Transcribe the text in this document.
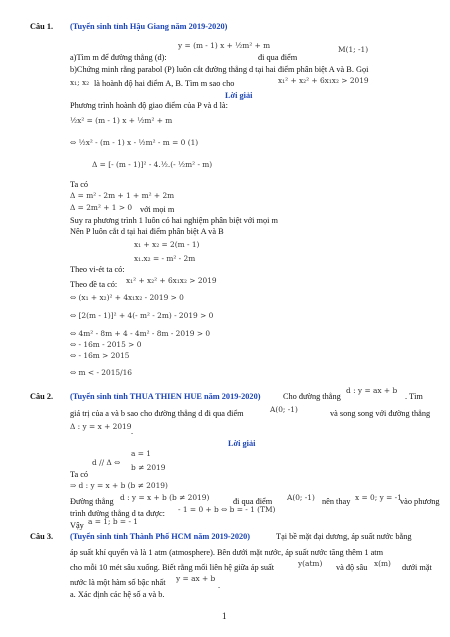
Câu 1. (Tuyển sinh tỉnh Hậu Giang năm 2019-2020)
y = (m - 1) x + ½m² + m
a)Tìm m để đường thẳng (d):	đi qua điểm
M(1; -1)
b)Chứng minh rằng parabol (P) luôn cắt đường thẳng d tại hai điểm phân biệt A và B. Gọi
x₁; x₂ là hoành độ hai điểm A, B. Tìm m sao cho	x₁² + x₂² + 6x₁x₂ > 2019
Lời giải
Phương trình hoành độ giao điểm của P và d là:
½x² = (m - 1) x + ½m² + m
⇔ ½x² - (m - 1) x - ½m² - m = 0 (1)
Δ = [- (m - 1)]² - 4.½.(- ½m² - m)
Ta có
Δ = m² - 2m + 1 + m² + 2m
Δ = 2m² + 1 > 0 với mọi m
Suy ra phương trình 1 luôn có hai nghiệm phân biệt với mọi m
Nên P luôn cắt d tại hai điểm phân biệt A và B
x₁ + x₂ = 2(m - 1)
x₁.x₂ = - m² - 2m
Theo vi-ét ta có:
Theo đề ta có: x₁² + x₂² + 6x₁x₂ > 2019
⇔ (x₁ + x₂)² + 4x₁x₂ - 2019 > 0
⇔ [2(m - 1)]² + 4(- m² - 2m) - 2019 > 0
⇔ 4m² - 8m + 4 - 4m² - 8m - 2019 > 0
⇔ - 16m - 2015 > 0
⇔ - 16m > 2015
⇔ m < - 2015/16
Câu 2. (Tuyển sinh tỉnh THUA THIEN HUE năm 2019-2020)	Cho đường thẳng
d : y = ax + b
. Tìm
giá trị của a và b sao cho đường thẳng d đi qua điểm	A(0; -1)	và song song với đường thẳng
Δ : y = x + 2019
.
Lời giải
d // Δ ⇔
a = 1
b ≠ 2019
Ta có
⇒ d : y = x + b (b ≠ 2019)
Đường thẳng d : y = x + b (b ≠ 2019)	đi qua điểm A(0; -1) nên thay x = 0; y = -1
vào phương
trình đường thẳng d ta được: - 1 = 0 + b ⇔ b = - 1 (TM)
Vậy a = 1; b = - 1
Câu 3. (Tuyển sinh tỉnh Thành Phố HCM năm 2019-2020)	Tại bề mặt đại dương, áp suất nước bằng
áp suất khí quyển và là 1 atm (atmosphere). Bên dưới mặt nước, áp suất nước tăng thêm 1 atm
cho mỗi 10 mét sâu xuống. Biết rằng mối liên hệ giữa áp suất	y(atm) và độ sâu x(m) dưới mặt
nước là một hàm số bậc nhất y = ax + b
.
a. Xác định các hệ số a và b.
1
